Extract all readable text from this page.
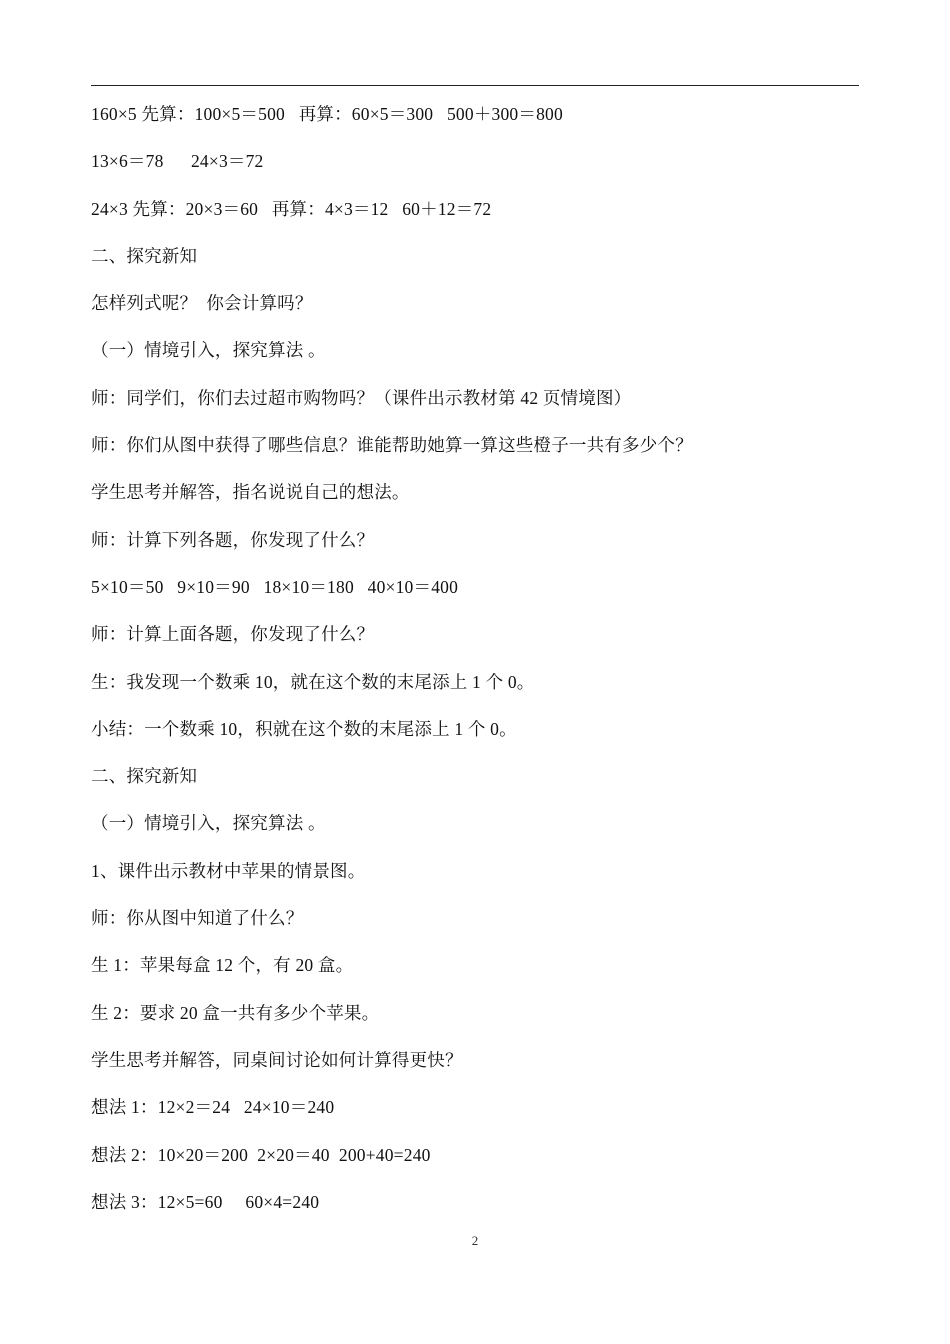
160×5 先算：100×5＝500   再算：60×5＝300   500＋300＝800
13×6＝78      24×3＝72
24×3 先算：20×3＝60   再算：4×3＝12   60＋12＝72
二、探究新知
怎样列式呢？  你会计算吗？
（一）情境引入，探究算法 。
师：同学们，你们去过超市购物吗？（课件出示教材第 42 页情境图）
师：你们从图中获得了哪些信息？谁能帮助她算一算这些橙子一共有多少个？
学生思考并解答，指名说说自己的想法。
师：计算下列各题，你发现了什么？
5×10＝50   9×10＝90   18×10＝180   40×10＝400
师：计算上面各题，你发现了什么？
生：我发现一个数乘 10，就在这个数的末尾添上 1 个 0。
小结：一个数乘 10，积就在这个数的末尾添上 1 个 0。
二、探究新知
（一）情境引入，探究算法 。
1、课件出示教材中苹果的情景图。
师：你从图中知道了什么？
生 1：苹果每盒 12 个，有 20 盒。
生 2：要求 20 盒一共有多少个苹果。
学生思考并解答，同桌间讨论如何计算得更快？
想法 1：12×2＝24   24×10＝240
想法 2：10×20＝200  2×20＝40  200+40=240
想法 3：12×5=60     60×4=240
2
